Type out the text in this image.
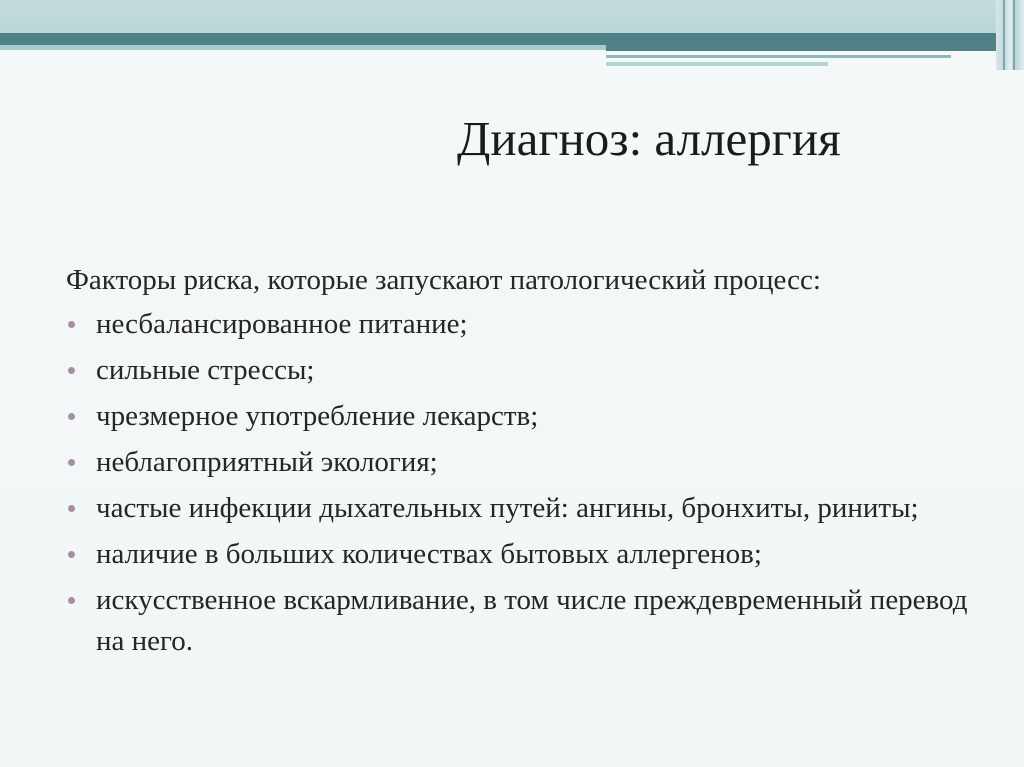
Диагноз: аллергия
Факторы риска, которые запускают патологический процесс:
несбалансированное питание;
сильные стрессы;
чрезмерное употребление лекарств;
неблагоприятный экология;
частые инфекции дыхательных путей: ангины, бронхиты, риниты;
наличие в больших количествах бытовых аллергенов;
искусственное вскармливание, в том числе преждевременный перевод на него.
